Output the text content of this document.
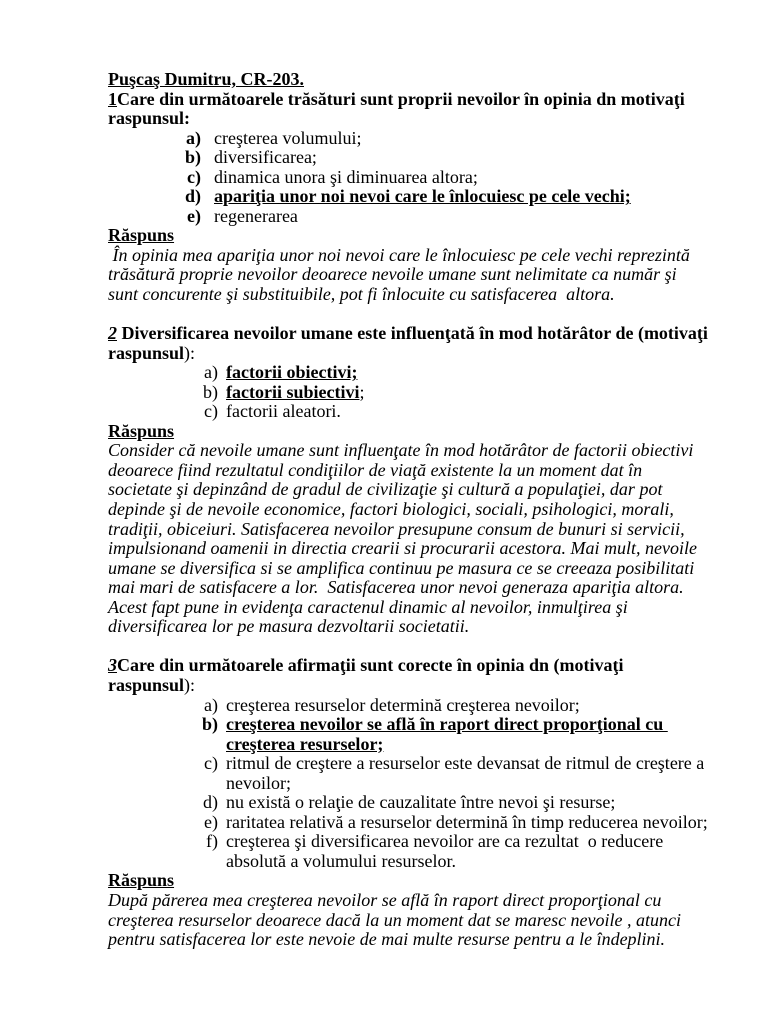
Puşcaş Dumitru, CR-203.
1Care din următoarele trăsături sunt proprii nevoilor în opinia dn motivaţi
raspunsul:
a) creşterea volumului;
b) diversificarea;
c) dinamica unora şi diminuarea altora;
d) apariţia unor noi nevoi care le înlocuiesc pe cele vechi;
e) regenerarea
Răspuns
În opinia mea apariţia unor noi nevoi care le înlocuiesc pe cele vechi reprezintă
trăsătură proprie nevoilor deoarece nevoile umane sunt nelimitate ca număr şi
sunt concurente şi substituibile, pot fi înlocuite cu satisfacerea  altora.
2 Diversificarea nevoilor umane este influenţată în mod hotărâtor de (motivaţi
raspunsul):
a) factorii obiectivi;
b) factorii subiectivi;
c) factorii aleatori.
Răspuns
Consider că nevoile umane sunt influenţate în mod hotărâtor de factorii obiectivi
deoarece fiind rezultatul condiţiilor de viaţă existente la un moment dat în
societate şi depinzând de gradul de civilizaţie şi cultură a populaţiei, dar pot
depinde şi de nevoile economice, factori biologici, sociali, psihologici, morali,
tradiţii, obiceiuri. Satisfacerea nevoilor presupune consum de bunuri si servicii,
impulsionand oamenii in directia crearii si procurarii acestora. Mai mult, nevoile
umane se diversifica si se amplifica continuu pe masura ce se creeaza posibilitati
mai mari de satisfacere a lor.  Satisfacerea unor nevoi generaza apariţia altora.
Acest fapt pune in evidenţa caractenul dinamic al nevoilor, inmulţirea şi
diversificarea lor pe masura dezvoltarii societatii.
3Care din următoarele afirmaţii sunt corecte în opinia dn (motivaţi
raspunsul):
a) creşterea resurselor determină creşterea nevoilor;
b) creşterea nevoilor se află în raport direct proporţional cu
creşterea resurselor;
c) ritmul de creştere a resurselor este devansat de ritmul de creştere a
nevoilor;
d) nu există o relaţie de cauzalitate între nevoi şi resurse;
e) raritatea relativă a resurselor determină în timp reducerea nevoilor;
f) creşterea şi diversificarea nevoilor are ca rezultat  o reducere
absolută a volumului resurselor.
Răspuns
După părerea mea creşterea nevoilor se află în raport direct proporţional cu
creşterea resurselor deoarece dacă la un moment dat se maresc nevoile , atunci
pentru satisfacerea lor este nevoie de mai multe resurse pentru a le îndeplini.
